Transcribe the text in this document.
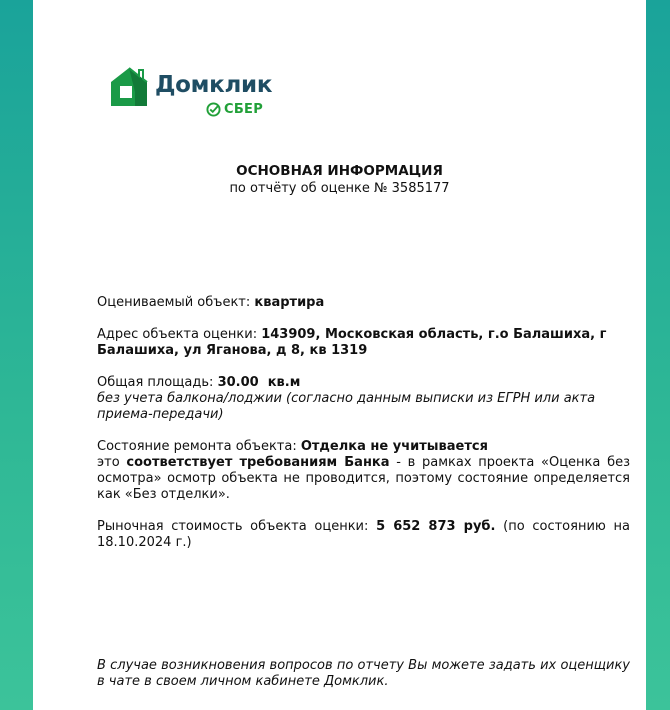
Домклик
СБЕР
ОСНОВНАЯ ИНФОРМАЦИЯ
по отчёту об оценке № 3585177

Оцениваемый объект: квартира

Адрес объекта оценки: 143909, Московская область, г.о Балашиха, г Балашиха, ул Яганова, д 8, кв 1319

Общая площадь: 30.00  кв.м

без учета балкона/лоджии (согласно данным выписки из ЕГРН или акта приема-передачи)

Состояние ремонта объекта: Отделка не учитывается

это соответствует требованиям Банка - в рамках проекта «Оценка без осмотра» осмотр объекта не проводится, поэтому состояние определяется как «Без отделки».

Рыночная стоимость объекта оценки: 5 652 873 руб. (по состоянию на 18.10.2024 г.)

В случае возникновения вопросов по отчету Вы можете задать их оценщику в чате в своем личном кабинете Домклик.
